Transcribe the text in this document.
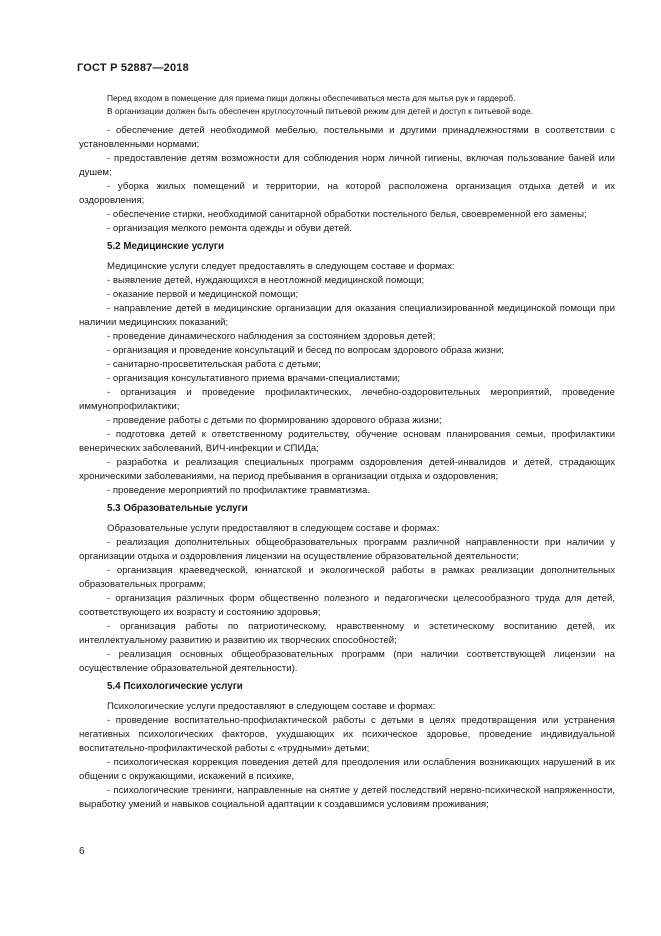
ГОСТ Р 52887—2018

Перед входом в помещение для приема пищи должны обеспечиваться места для мытья рук и гардероб.

В организации должен быть обеспечен круглосуточный питьевой режим для детей и доступ к питьевой воде.

- обеспечение детей необходимой мебелью, постельными и другими принадлежностями в соответствии с установленными нормами;

- предоставление детям возможности для соблюдения норм личной гигиены, включая пользование баней или душем;

- уборка жилых помещений и территории, на которой расположена организация отдыха детей и их оздоровления;

- обеспечение стирки, необходимой санитарной обработки постельного белья, своевременной его замены;

- организация мелкого ремонта одежды и обуви детей.

5.2 Медицинские услуги

Медицинские услуги следует предоставлять в следующем составе и формах:

- выявление детей, нуждающихся в неотложной медицинской помощи;

- оказание первой и медицинской помощи;

- направление детей в медицинские организации для оказания специализированной медицинской помощи при наличии медицинских показаний;

- проведение динамического наблюдения за состоянием здоровья детей;

- организация и проведение консультаций и бесед по вопросам здорового образа жизни;

- санитарно-просветительская работа с детьми;

- организация консультативного приема врачами-специалистами;

- организация и проведение профилактических, лечебно-оздоровительных мероприятий, проведение иммунопрофилактики;

- проведение работы с детьми по формированию здорового образа жизни;

- подготовка детей к ответственному родительству, обучение основам планирования семьи, профилактики венерических заболеваний, ВИЧ-инфекции и СПИДа;

- разработка и реализация специальных программ оздоровления детей-инвалидов и детей, страдающих хроническими заболеваниями, на период пребывания в организации отдыха и оздоровления;

- проведение мероприятий по профилактике травматизма.

5.3 Образовательные услуги

Образовательные услуги предоставляют в следующем составе и формах:

- реализация дополнительных общеобразовательных программ различной направленности при наличии у организации отдыха и оздоровления лицензии на осуществление образовательной деятельности;

- организация краеведческой, юннатской и экологической работы в рамках реализации дополнительных образовательных программ;

- организация различных форм общественно полезного и педагогически целесообразного труда для детей, соответствующего их возрасту и состоянию здоровья;

- организация работы по патриотическому, нравственному и эстетическому воспитанию детей, их интеллектуальному развитию и развитию их творческих способностей;

- реализация основных общеобразовательных программ (при наличии соответствующей лицензии на осуществление образовательной деятельности).

5.4 Психологические услуги

Психологические услуги предоставляют в следующем составе и формах:

- проведение воспитательно-профилактической работы с детьми в целях предотвращения или устранения негативных психологических факторов, ухудшающих их психическое здоровье, проведение индивидуальной воспитательно-профилактической работы с «трудными» детьми;

- психологическая коррекция поведения детей для преодоления или ослабления возникающих нарушений в их общении с окружающими, искажений в психике,

- психологические тренинги, направленные на снятие у детей последствий нервно-психической напряженности, выработку умений и навыков социальной адаптации к создавшимся условиям проживания;

6
